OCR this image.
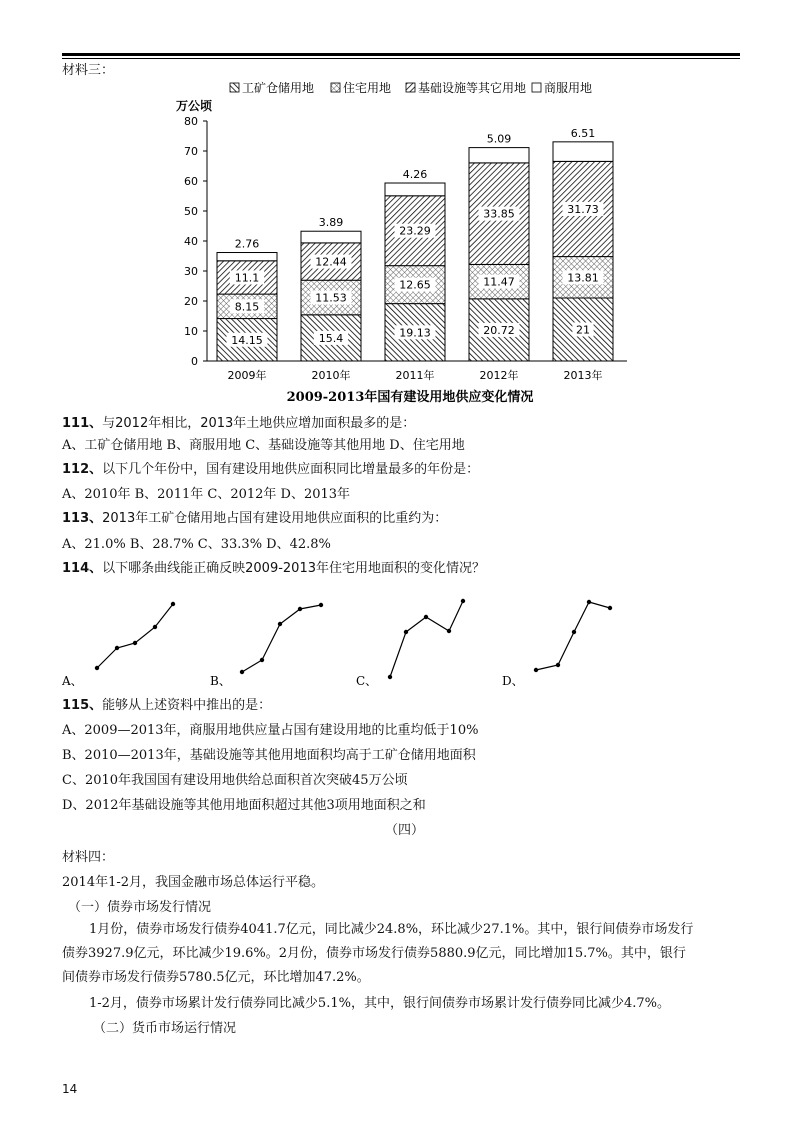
材料三：
工矿仓储用地 住宅用地 基础设施等其它用地 商服用地
万公顷
0
10
20
30
40
50
60
70
80
14.15
8.15
11.1
2.76
15.4
11.53
12.44
3.89
19.13
12.65
23.29
4.26
20.72
11.47
33.85
5.09
21
13.81
31.73
6.51
2009年	2010年	2011年	2012年	2013年
2009-2013年国有建设用地供应变化情况
111、与2012年相比，2013年土地供应增加面积最多的是：
A、工矿仓储用地 B、商服用地 C、基础设施等其他用地 D、住宅用地
112、以下几个年份中，国有建设用地供应面积同比增量最多的年份是：
A、2010年 B、2011年 C、2012年 D、2013年
113、2013年工矿仓储用地占国有建设用地供应面积的比重约为：
A、21.0% B、28.7% C、33.3% D、42.8%
114、以下哪条曲线能正确反映2009-2013年住宅用地面积的变化情况？
A、	B、	C、	D、
115、能够从上述资料中推出的是：
A、2009—2013年，商服用地供应量占国有建设用地的比重均低于10%
B、2010—2013年，基础设施等其他用地面积均高于工矿仓储用地面积
C、2010年我国国有建设用地供给总面积首次突破45万公顷
D、2012年基础设施等其他用地面积超过其他3项用地面积之和
（四）
材料四：
2014年1-2月，我国金融市场总体运行平稳。
（一）债券市场发行情况
1月份，债券市场发行债券4041.7亿元，同比减少24.8%，环比减少27.1%。其中，银行间债券市场发行
债券3927.9亿元，环比减少19.6%。2月份，债券市场发行债券5880.9亿元，同比增加15.7%。其中，银行
间债券市场发行债券5780.5亿元，环比增加47.2%。
1-2月，债券市场累计发行债券同比减少5.1%，其中，银行间债券市场累计发行债券同比减少4.7%。
（二）货币市场运行情况
14
